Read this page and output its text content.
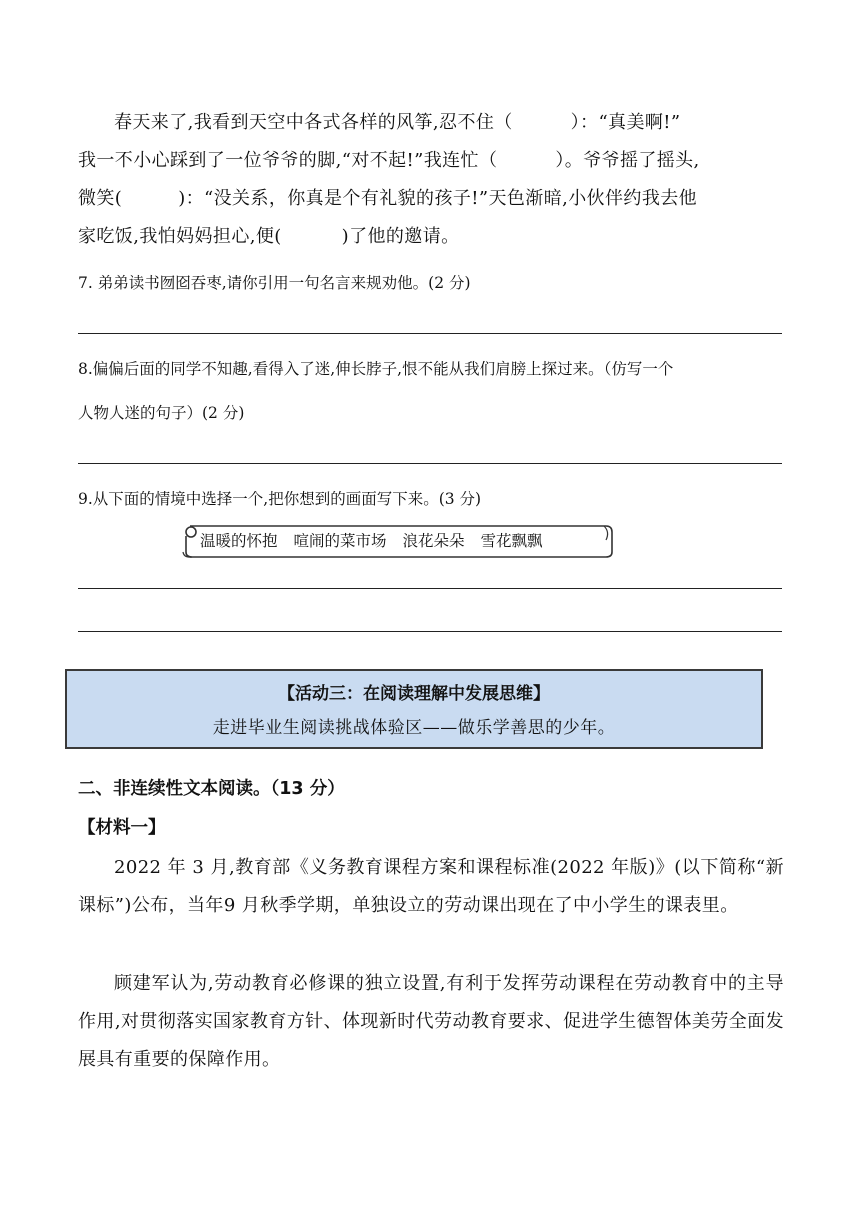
春天来了,我看到天空中各式各样的风筝,忍不住（	）：“真美啊!”

我一不小心踩到了一位爷爷的脚,“对不起!”我连忙（	）。爷爷摇了摇头,

微笑(	)：“没关系，你真是个有礼貌的孩子!”天色渐暗,小伙伴约我去他

家吃饭,我怕妈妈担心,便(	)了他的邀请。

7. 弟弟读书囫囵吞枣,请你引用一句名言来规劝他。(2 分)

8.偏偏后面的同学不知趣,看得入了迷,伸长脖子,恨不能从我们肩膀上探过来。（仿写一个

人物人迷的句子）(2 分)

9.从下面的情境中选择一个,把你想到的画面写下来。(3 分)

温暖的怀抱 喧闹的菜市场 浪花朵朵 雪花飘飘
【活动三：在阅读理解中发展思维】
走进毕业生阅读挑战体验区——做乐学善思的少年。

二、非连续性文本阅读。（13 分）

【材料一】

2022 年 3 月,教育部《义务教育课程方案和课程标准(2022 年版)》(以下简称“新课标”)公布，当年9 月秋季学期，单独设立的劳动课出现在了中小学生的课表里。

顾建军认为,劳动教育必修课的独立设置,有利于发挥劳动课程在劳动教育中的主导作用,对贯彻落实国家教育方针、体现新时代劳动教育要求、促进学生德智体美劳全面发展具有重要的保障作用。
